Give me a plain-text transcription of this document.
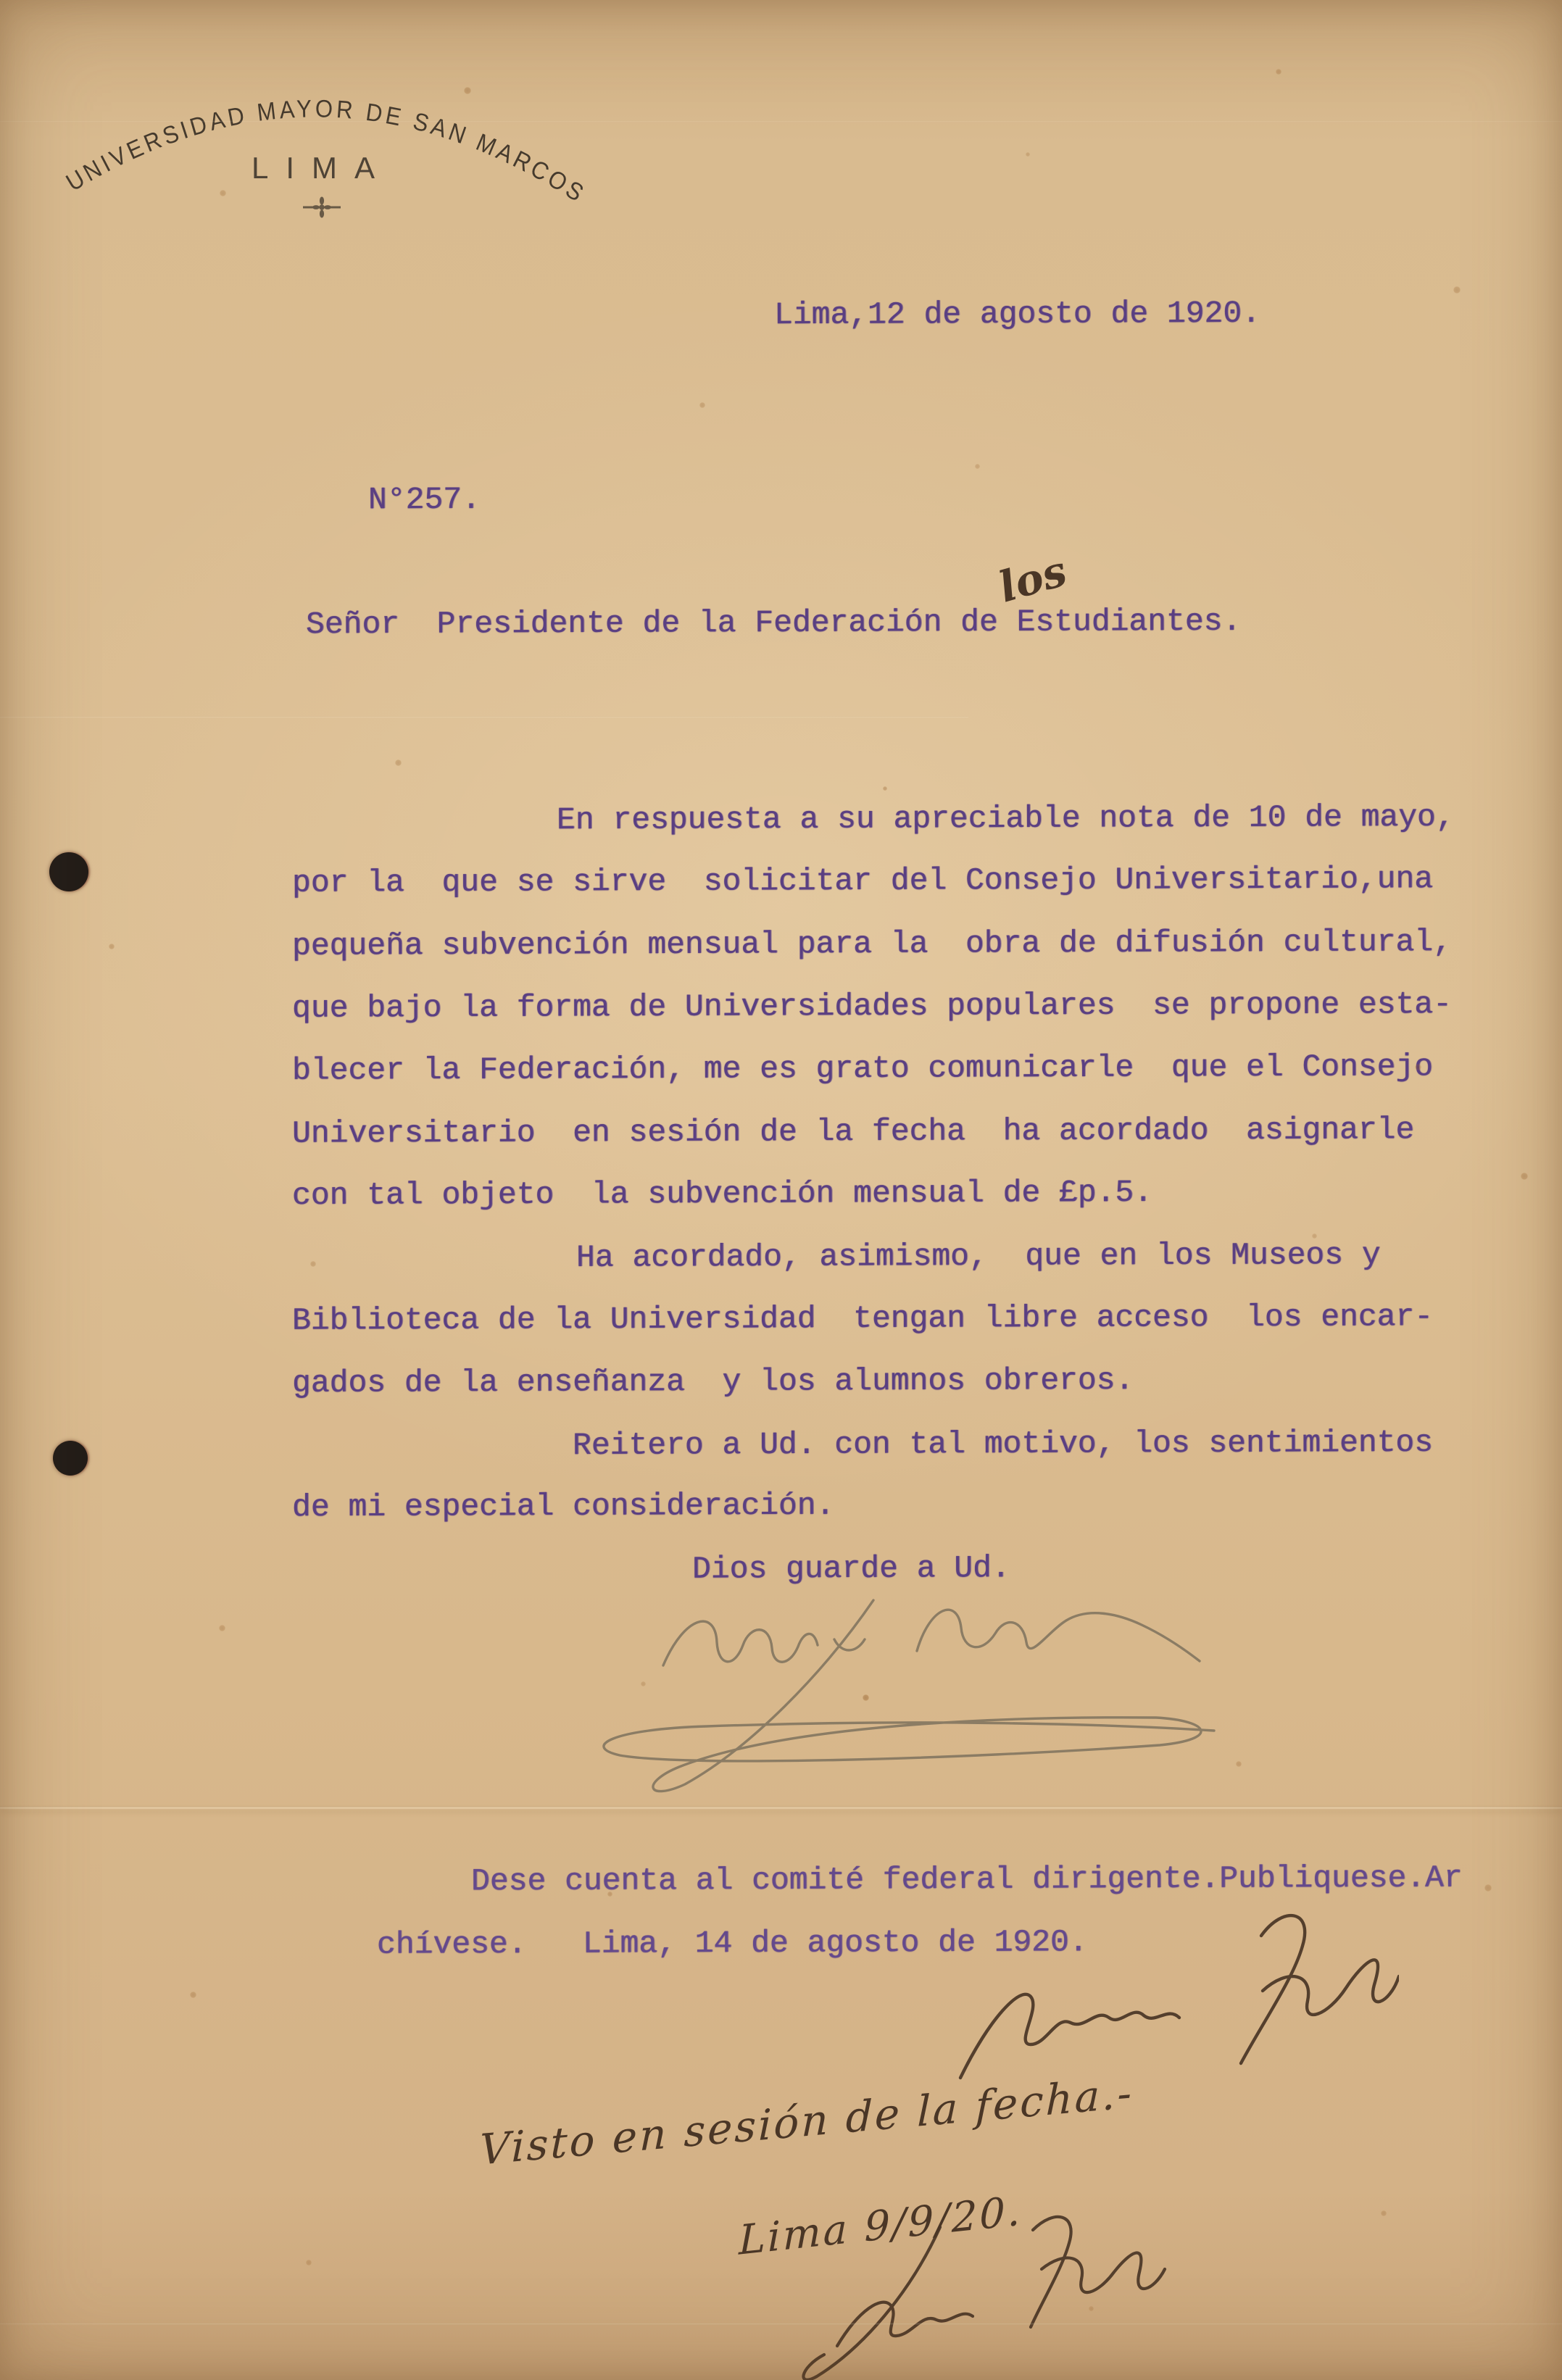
UNIVERSIDAD MAYOR DE SAN MARCOS
LIMA
Lima,12 de agosto de 1920.
N°257.
Señor  Presidente de la Federación de Estudiantes.
los
En respuesta a su apreciable nota de 10 de mayo,
por la  que se sirve  solicitar del Consejo Universitario,una
pequeña subvención mensual para la  obra de difusión cultural,
que bajo la forma de Universidades populares  se propone esta-
blecer la Federación, me es grato comunicarle  que el Consejo
Universitario  en sesión de la fecha  ha acordado  asignarle
con tal objeto  la subvención mensual de £p.5.
Ha acordado, asimismo,  que en los Museos y
Biblioteca de la Universidad  tengan libre acceso  los encar-
gados de la enseñanza  y los alumnos obreros.
Reitero a Ud. con tal motivo, los sentimientos
de mi especial consideración.
Dios guarde a Ud.
Dese cuenta al comité federal dirigente.Publiquese.Ar
chívese.   Lima, 14 de agosto de 1920.
Visto en sesión de la fecha.-
Lima 9/9/20.
